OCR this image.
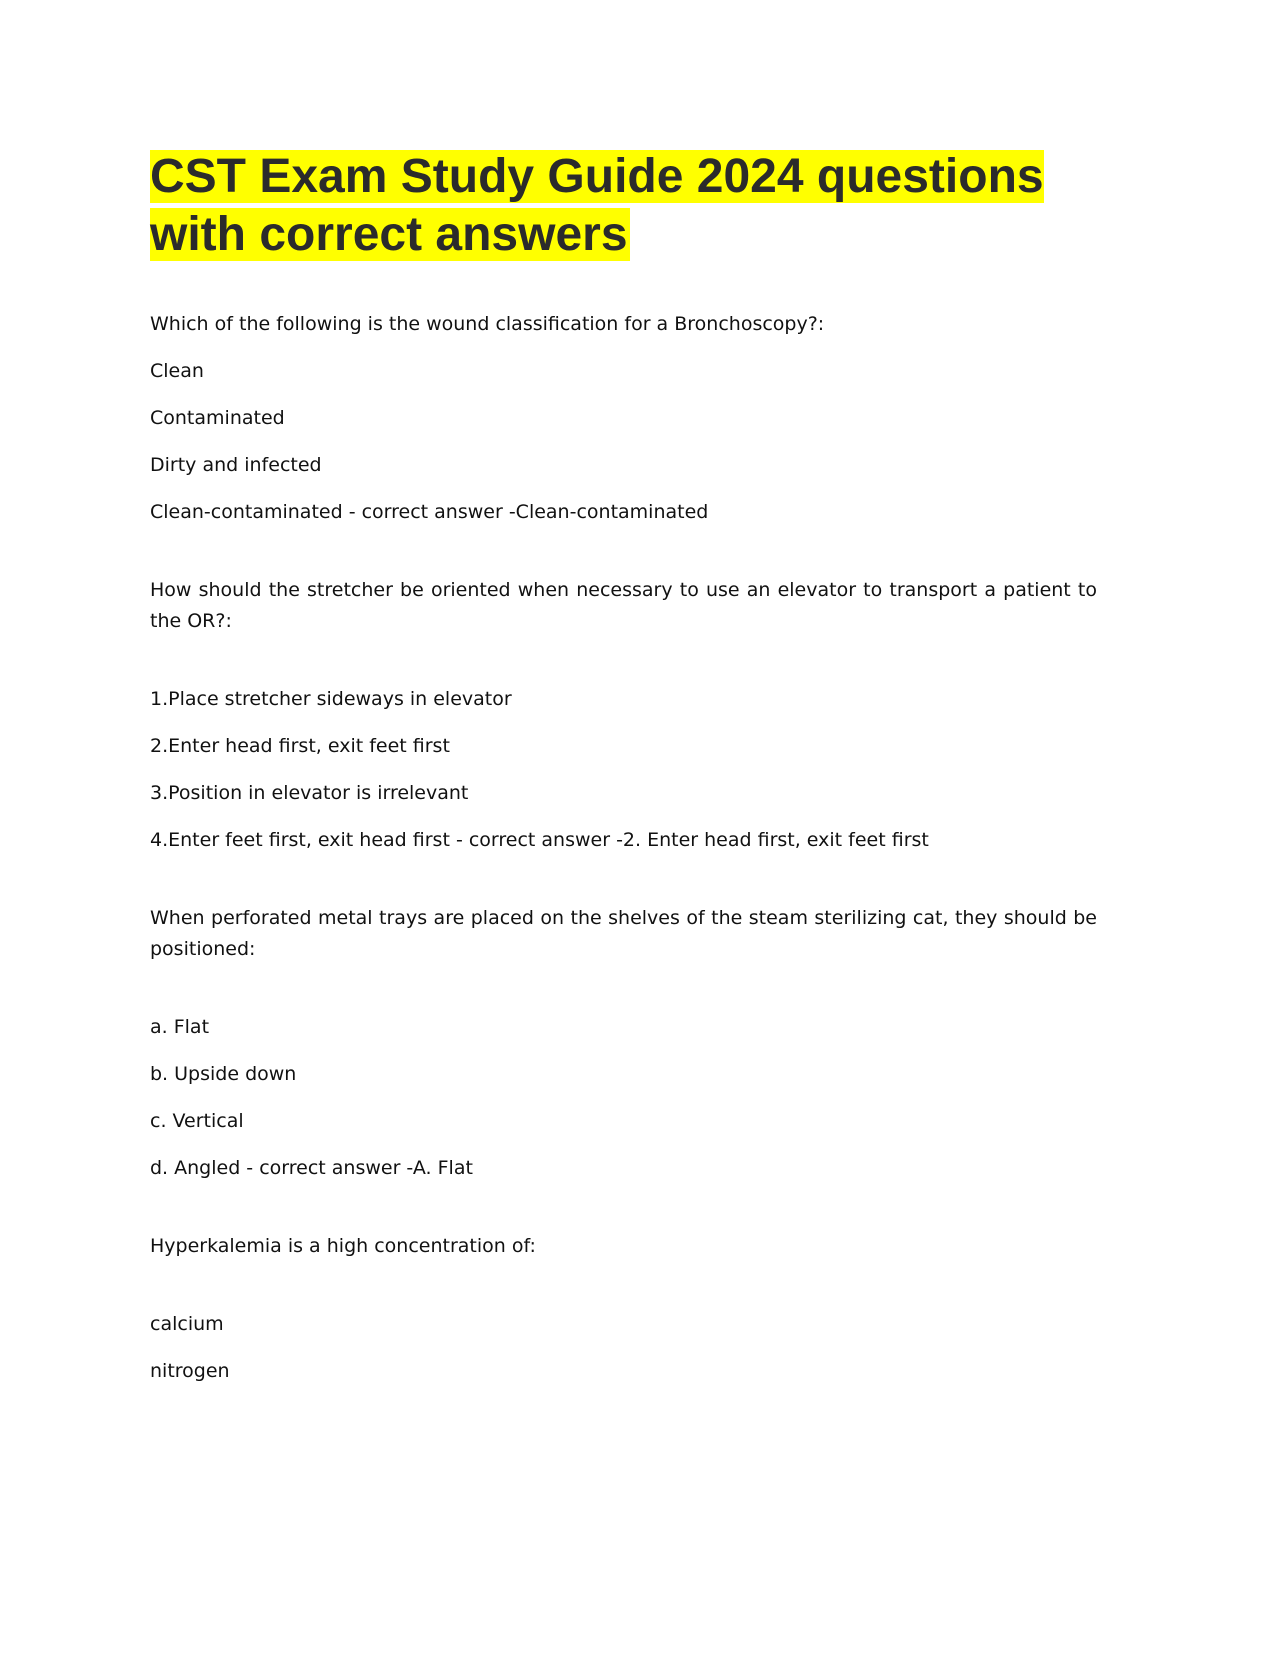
CST Exam Study Guide 2024 questions with correct answers

Which of the following is the wound classification for a Bronchoscopy?:

Clean

Contaminated

Dirty and infected

Clean-contaminated - correct answer -Clean-contaminated

How should the stretcher be oriented when necessary to use an elevator to transport a patient to the OR?:

1.Place stretcher sideways in elevator

2.Enter head first, exit feet first

3.Position in elevator is irrelevant

4.Enter feet first, exit head first - correct answer -2. Enter head first, exit feet first

When perforated metal trays are placed on the shelves of the steam sterilizing cat, they should be positioned:

a. Flat

b. Upside down

c. Vertical

d. Angled - correct answer -A. Flat

Hyperkalemia is a high concentration of:

calcium

nitrogen
